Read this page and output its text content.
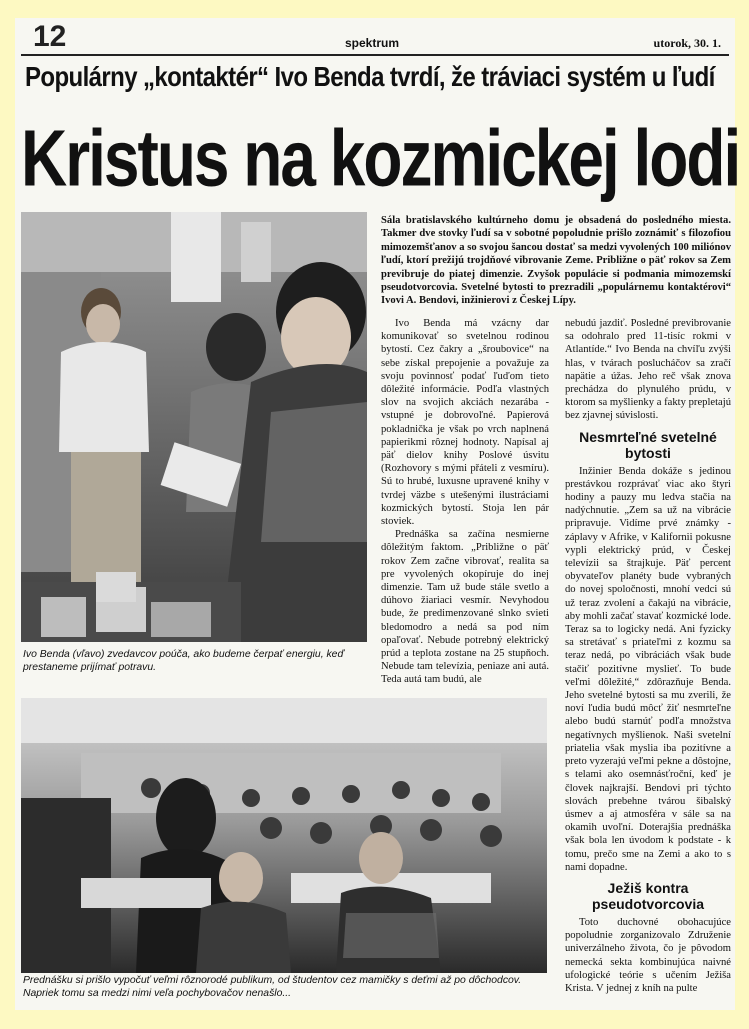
12	spektrum	utorok, 30. 1.
Populárny „kontaktér“ Ivo Benda tvrdí, že tráviaci systém u ľudí
Kristus na kozmickej lodi
Ivo Benda (vľavo) zvedavcov poúča, ako budeme čerpať energiu, keď prestaneme prijímať potravu.
Sála bratislavského kultúrneho domu je obsadená do posledného miesta. Takmer dve stovky ľudí sa v sobotné popoludnie prišlo zoznámiť s filozofiou mimozemšťanov a so svojou šancou dostať sa medzi vyvolených 100 miliónov ľudí, ktorí prežijú trojdňové vibrovanie Zeme. Približne o päť rokov sa Zem previbruje do piatej dimenzie. Zvyšok populácie si podmania mimozemskí pseudotvorcovia. Svetelné bytosti to prezradili „populárnemu kontaktérovi“ Ivovi A. Bendovi, inžinierovi z Českej Lípy.

Ivo Benda má vzácny dar komunikovať so svetelnou rodinou bytostí. Cez čakry a „šroubovice“ na sebe získal prepojenie a považuje za svoju povinnosť podať ľuďom tieto dôležité informácie. Podľa vlastných slov na svojich akciách nezarába - vstupné je dobrovoľné. Papierová pokladnička je však po vrch naplnená papierikmi rôznej hodnoty. Napísal aj päť dielov knihy Poslové úsvitu (Rozhovory s mými přáteli z vesmíru). Sú to hrubé, luxusne upravené knihy v tvrdej väzbe s utešenými ilustráciami kozmických bytostí. Stoja len pár stoviek.

Prednáška sa začína nesmierne dôležitým faktom. „Približne o päť rokov Zem začne vibrovať, realita sa pre vyvolených okopíruje do inej dimenzie. Tam už bude stále svetlo a dúhovo žiariaci vesmír. Nevyhodou bude, že predimenzované slnko svieti bledomodro a nedá sa pod ním opaľovať. Nebude potrebný elektrický prúd a teplota zostane na 25 stupňoch. Nebude tam televízia, peniaze ani autá. Teda autá tam budú, ale

nebudú jazdiť. Posledné previbrovanie sa odohralo pred 11-tisíc rokmi v Atlantíde.“ Ivo Benda na chvíľu zvýši hlas, v tvárach poslucháčov sa zračí napätie a úžas. Jeho reč však znova prechádza do plynulého prúdu, v ktorom sa myšlienky a fakty prepletajú bez zjavnej súvislosti.

Nesmrteľné svetelné bytosti

Inžinier Benda dokáže s jedinou prestávkou rozprávať viac ako štyri hodiny a pauzy mu ledva stačia na nadýchnutie. „Zem sa už na vibrácie pripravuje. Vidíme prvé známky - záplavy v Afrike, v Kalifornii pokusne vypli elektrický prúd, v Českej televízii sa štrajkuje. Päť percent obyvateľov planéty bude vybraných do novej spoločnosti, mnohí vedci sú už teraz zvolení a čakajú na vibrácie, aby mohli začať stavať kozmické lode. Teraz sa to logicky nedá. Ani fyzicky sa stretávať s priateľmi z kozmu sa teraz nedá, po vibráciách však bude stačiť pozitívne myslieť. To bude veľmi dôležité,“ zdôrazňuje Benda. Jeho svetelné bytosti sa mu zverili, že noví ľudia budú môcť žiť nesmrteľne alebo budú starnúť podľa množstva negatívnych myšlienok. Naši svetelní priatelia však myslia iba pozitívne a preto vyzerajú veľmi pekne a dôstojne, s telami ako osemnásťroční, keď je človek najkrajší. Bendovi pri týchto slovách prebehne tvárou šibalský úsmev a aj atmosféra v sále sa na okamih uvoľní. Doterajšia prednáška však bola len úvodom k podstate - k tomu, prečo sme na Zemi a ako to s nami dopadne.

Ježiš kontra pseudotvorcovia

Toto duchovné obohacujúce popoludnie zorganizovalo Združenie univerzálneho života, čo je pôvodom nemecká sekta kombinujúca naivné ufologické teórie s učením Ježiša Krista. V jednej z kníh na pulte

Prednášku si prišlo vypočuť veľmi rôznorodé publikum, od študentov cez mamičky s deťmi až po dôchodcov. Napriek tomu sa medzi nimi veľa pochybovačov nenašlo...
